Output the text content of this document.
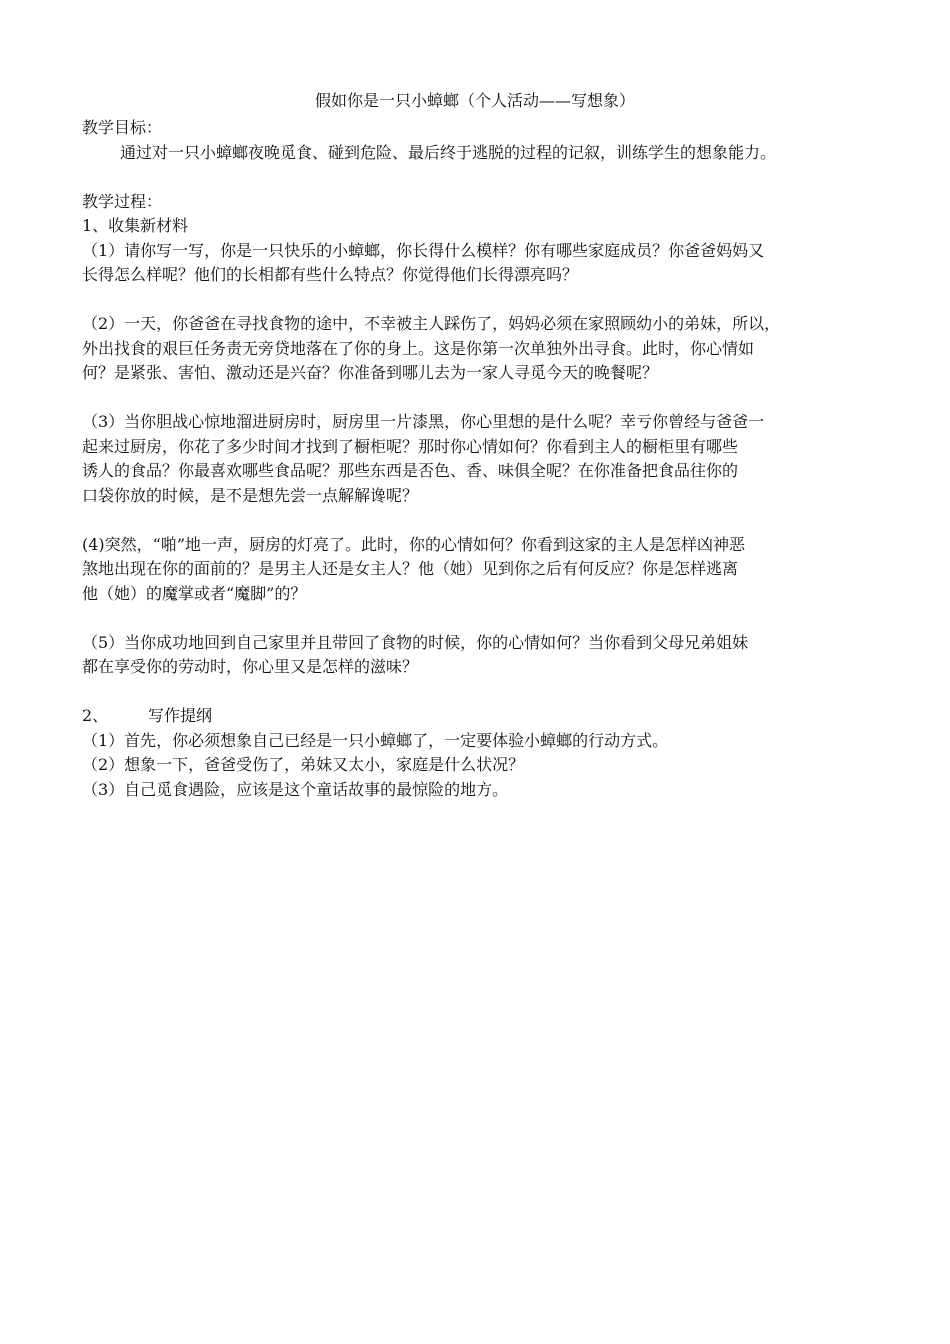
假如你是一只小蟑螂（个人活动——写想象）

教学目标：

通过对一只小蟑螂夜晚觅食、碰到危险、最后终于逃脱的过程的记叙，训练学生的想象能力。

教学过程：

1、收集新材料

（1）请你写一写，你是一只快乐的小蟑螂，你长得什么模样？你有哪些家庭成员？你爸爸妈妈又

长得怎么样呢？他们的长相都有些什么特点？你觉得他们长得漂亮吗？

（2）一天，你爸爸在寻找食物的途中，不幸被主人踩伤了，妈妈必须在家照顾幼小的弟妹，所以，

外出找食的艰巨任务责无旁贷地落在了你的身上。这是你第一次单独外出寻食。此时，你心情如

何？是紧张、害怕、激动还是兴奋？你准备到哪儿去为一家人寻觅今天的晚餐呢？

（3）当你胆战心惊地溜进厨房时，厨房里一片漆黑，你心里想的是什么呢？幸亏你曾经与爸爸一

起来过厨房，你花了多少时间才找到了橱柜呢？那时你心情如何？你看到主人的橱柜里有哪些

诱人的食品？你最喜欢哪些食品呢？那些东西是否色、香、味俱全呢？在你准备把食品往你的

口袋你放的时候，是不是想先尝一点解解谗呢？

(4)突然，“啪”地一声，厨房的灯亮了。此时，你的心情如何？你看到这家的主人是怎样凶神恶

煞地出现在你的面前的？是男主人还是女主人？他（她）见到你之后有何反应？你是怎样逃离

他（她）的魔掌或者“魔脚”的？

（5）当你成功地回到自己家里并且带回了食物的时候，你的心情如何？当你看到父母兄弟姐妹

都在享受你的劳动时，你心里又是怎样的滋味？

2、 写作提纲

（1）首先，你必须想象自己已经是一只小蟑螂了，一定要体验小蟑螂的行动方式。

（2）想象一下，爸爸受伤了，弟妹又太小，家庭是什么状况？

（3）自己觅食遇险，应该是这个童话故事的最惊险的地方。
